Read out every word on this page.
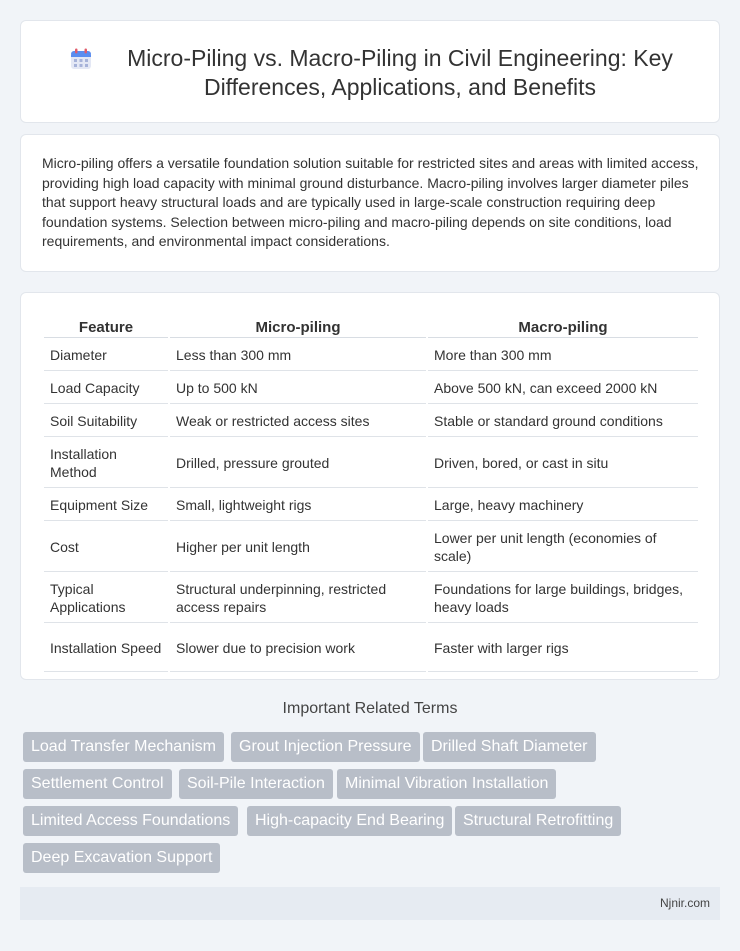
Micro-Piling vs. Macro-Piling in Civil Engineering: Key Differences, Applications, and Benefits

Micro-piling offers a versatile foundation solution suitable for restricted sites and areas with limited access, providing high load capacity with minimal ground disturbance. Macro-piling involves larger diameter piles that support heavy structural loads and are typically used in large-scale construction requiring deep foundation systems. Selection between micro-piling and macro-piling depends on site conditions, load requirements, and environmental impact considerations.

Feature	Micro-piling	Macro-piling
Diameter	Less than 300 mm	More than 300 mm
Load Capacity	Up to 500 kN	Above 500 kN, can exceed 2000 kN
Soil Suitability	Weak or restricted access sites	Stable or standard ground conditions
Installation Method	Drilled, pressure grouted	Driven, bored, or cast in situ
Equipment Size	Small, lightweight rigs	Large, heavy machinery
Cost	Higher per unit length	Lower per unit length (economies of scale)
Typical Applications	Structural underpinning, restricted access repairs	Foundations for large buildings, bridges, heavy loads
Installation Speed	Slower due to precision work	Faster with larger rigs
Important Related Terms
Load Transfer Mechanism	Grout Injection Pressure	Drilled Shaft Diameter
Settlement Control	Soil-Pile Interaction	Minimal Vibration Installation
Limited Access Foundations	High-capacity End Bearing	Structural Retrofitting
Deep Excavation Support
Njnir.com
